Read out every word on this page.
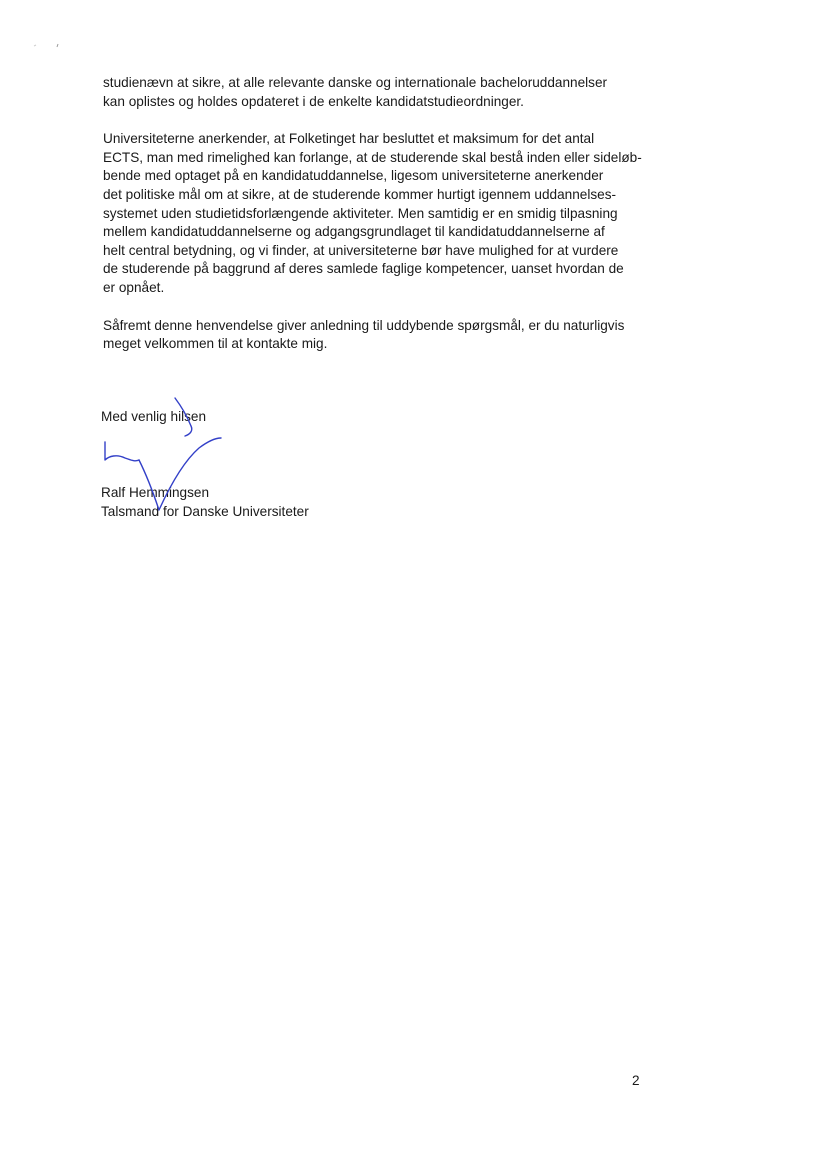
studienævn at sikre, at alle relevante danske og internationale bacheloruddannelser
kan oplistes og holdes opdateret i de enkelte kandidatstudieordninger.
Universiteterne anerkender, at Folketinget har besluttet et maksimum for det antal
ECTS, man med rimelighed kan forlange, at de studerende skal bestå inden eller sideløb-
bende med optaget på en kandidatuddannelse, ligesom universiteterne anerkender
det politiske mål om at sikre, at de studerende kommer hurtigt igennem uddannelses-
systemet uden studietidsforlængende aktiviteter. Men samtidig er en smidig tilpasning
mellem kandidatuddannelserne og adgangsgrundlaget til kandidatuddannelserne af
helt central betydning, og vi finder, at universiteterne bør have mulighed for at vurdere
de studerende på baggrund af deres samlede faglige kompetencer, uanset hvordan de
er opnået.
Såfremt denne henvendelse giver anledning til uddybende spørgsmål, er du naturligvis
meget velkommen til at kontakte mig.
Med venlig hilsen
Ralf Hemmingsen
Talsmand for Danske Universiteter
2
